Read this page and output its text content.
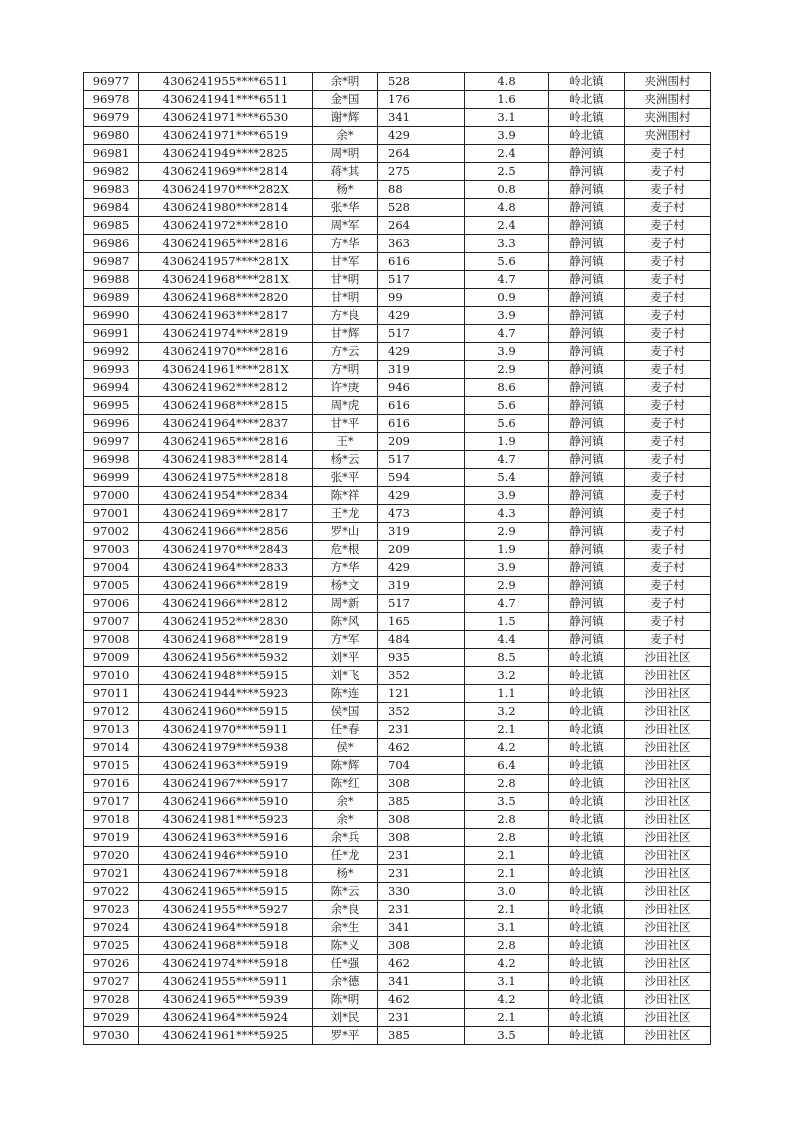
96977	4306241955****6511	余*明	528	4.8	岭北镇	夹洲围村
96978	4306241941****6511	金*国	176	1.6	岭北镇	夹洲围村
96979	4306241971****6530	谢*辉	341	3.1	岭北镇	夹洲围村
96980	4306241971****6519	余*	429	3.9	岭北镇	夹洲围村
96981	4306241949****2825	周*明	264	2.4	静河镇	麦子村
96982	4306241969****2814	蒋*其	275	2.5	静河镇	麦子村
96983	4306241970****282X	杨*	88	0.8	静河镇	麦子村
96984	4306241980****2814	张*华	528	4.8	静河镇	麦子村
96985	4306241972****2810	周*军	264	2.4	静河镇	麦子村
96986	4306241965****2816	方*华	363	3.3	静河镇	麦子村
96987	4306241957****281X	甘*军	616	5.6	静河镇	麦子村
96988	4306241968****281X	甘*明	517	4.7	静河镇	麦子村
96989	4306241968****2820	甘*明	99	0.9	静河镇	麦子村
96990	4306241963****2817	方*良	429	3.9	静河镇	麦子村
96991	4306241974****2819	甘*辉	517	4.7	静河镇	麦子村
96992	4306241970****2816	方*云	429	3.9	静河镇	麦子村
96993	4306241961****281X	方*明	319	2.9	静河镇	麦子村
96994	4306241962****2812	许*庚	946	8.6	静河镇	麦子村
96995	4306241968****2815	周*虎	616	5.6	静河镇	麦子村
96996	4306241964****2837	甘*平	616	5.6	静河镇	麦子村
96997	4306241965****2816	王*	209	1.9	静河镇	麦子村
96998	4306241983****2814	杨*云	517	4.7	静河镇	麦子村
96999	4306241975****2818	张*平	594	5.4	静河镇	麦子村
97000	4306241954****2834	陈*祥	429	3.9	静河镇	麦子村
97001	4306241969****2817	王*龙	473	4.3	静河镇	麦子村
97002	4306241966****2856	罗*山	319	2.9	静河镇	麦子村
97003	4306241970****2843	危*根	209	1.9	静河镇	麦子村
97004	4306241964****2833	方*华	429	3.9	静河镇	麦子村
97005	4306241966****2819	杨*文	319	2.9	静河镇	麦子村
97006	4306241966****2812	周*新	517	4.7	静河镇	麦子村
97007	4306241952****2830	陈*风	165	1.5	静河镇	麦子村
97008	4306241968****2819	方*军	484	4.4	静河镇	麦子村
97009	4306241956****5932	刘*平	935	8.5	岭北镇	沙田社区
97010	4306241948****5915	刘*飞	352	3.2	岭北镇	沙田社区
97011	4306241944****5923	陈*连	121	1.1	岭北镇	沙田社区
97012	4306241960****5915	侯*国	352	3.2	岭北镇	沙田社区
97013	4306241970****5911	任*春	231	2.1	岭北镇	沙田社区
97014	4306241979****5938	侯*	462	4.2	岭北镇	沙田社区
97015	4306241963****5919	陈*辉	704	6.4	岭北镇	沙田社区
97016	4306241967****5917	陈*红	308	2.8	岭北镇	沙田社区
97017	4306241966****5910	余*	385	3.5	岭北镇	沙田社区
97018	4306241981****5923	余*	308	2.8	岭北镇	沙田社区
97019	4306241963****5916	余*兵	308	2.8	岭北镇	沙田社区
97020	4306241946****5910	任*龙	231	2.1	岭北镇	沙田社区
97021	4306241967****5918	杨*	231	2.1	岭北镇	沙田社区
97022	4306241965****5915	陈*云	330	3.0	岭北镇	沙田社区
97023	4306241955****5927	余*良	231	2.1	岭北镇	沙田社区
97024	4306241964****5918	余*生	341	3.1	岭北镇	沙田社区
97025	4306241968****5918	陈*义	308	2.8	岭北镇	沙田社区
97026	4306241974****5918	任*强	462	4.2	岭北镇	沙田社区
97027	4306241955****5911	余*德	341	3.1	岭北镇	沙田社区
97028	4306241965****5939	陈*明	462	4.2	岭北镇	沙田社区
97029	4306241964****5924	刘*民	231	2.1	岭北镇	沙田社区
97030	4306241961****5925	罗*平	385	3.5	岭北镇	沙田社区
